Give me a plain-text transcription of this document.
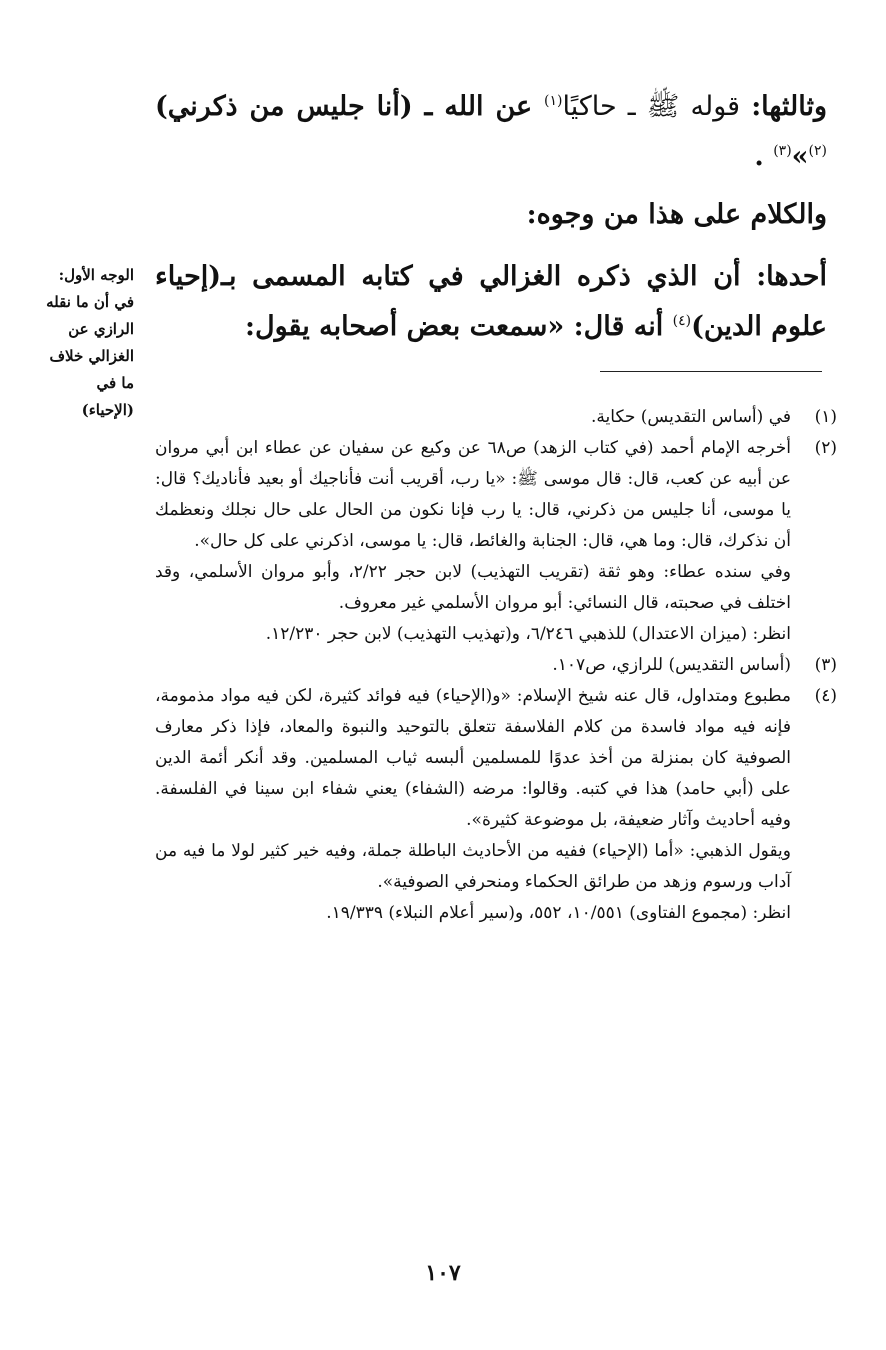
وثالثها: قوله ﷺ ـ حاكيًا$^{(١)}$ عن الله ـ (أنا جليس من ذكرني)$^{(٢)}$»$^{(٣)}$ .

والكلام على هذا من وجوه:

أحدها: أن الذي ذكره الغزالي في كتابه المسمى بـ(إحياء علوم الدين)$^{(٤)}$ أنه قال: «سمعت بعض أصحابه يقول:

الوجه الأول:
في أن ما نقله
الرازي عن
الغزالي خلاف
ما في
(الإحياء)	(١)

في (أساس التقديس) حكاية.

(٢)

أخرجه الإمام أحمد (في كتاب الزهد) ص٦٨ عن وكيع عن سفيان عن عطاء ابن أبي مروان عن أبيه عن كعب، قال: قال موسى ﷺ: «يا رب، أقريب أنت فأناجيك أو بعيد فأناديك؟ قال: يا موسى، أنا جليس من ذكرني، قال: يا رب فإنا نكون من الحال على حال نجلك ونعظمك أن نذكرك، قال: وما هي، قال: الجنابة والغائط، قال: يا موسى، اذكرني على كل حال».

وفي سنده عطاء: وهو ثقة (تقريب التهذيب) لابن حجر ٢/٢٢، وأبو مروان الأسلمي، وقد اختلف في صحبته، قال النسائي: أبو مروان الأسلمي غير معروف.

انظر: (ميزان الاعتدال) للذهبي ٦/٢٤٦، و(تهذيب التهذيب) لابن حجر ١٢/٢٣٠.

(٣)

(أساس التقديس) للرازي، ص١٠٧.

(٤)

مطبوع ومتداول، قال عنه شيخ الإسلام: «و(الإحياء) فيه فوائد كثيرة، لكن فيه مواد مذمومة، فإنه فيه مواد فاسدة من كلام الفلاسفة تتعلق بالتوحيد والنبوة والمعاد، فإذا ذكر معارف الصوفية كان بمنزلة من أخذ عدوًا للمسلمين ألبسه ثياب المسلمين. وقد أنكر أئمة الدين على (أبي حامد) هذا في كتبه. وقالوا: مرضه (الشفاء) يعني شفاء ابن سينا في الفلسفة. وفيه أحاديث وآثار ضعيفة، بل موضوعة كثيرة».

ويقول الذهبي: «أما (الإحياء) ففيه من الأحاديث الباطلة جملة، وفيه خير كثير لولا ما فيه من آداب ورسوم وزهد من طرائق الحكماء ومنحرفي الصوفية».

انظر: (مجموع الفتاوى) ١٠/٥٥١، ٥٥٢، و(سير أعلام النبلاء) ١٩/٣٣٩.

١٠٧
